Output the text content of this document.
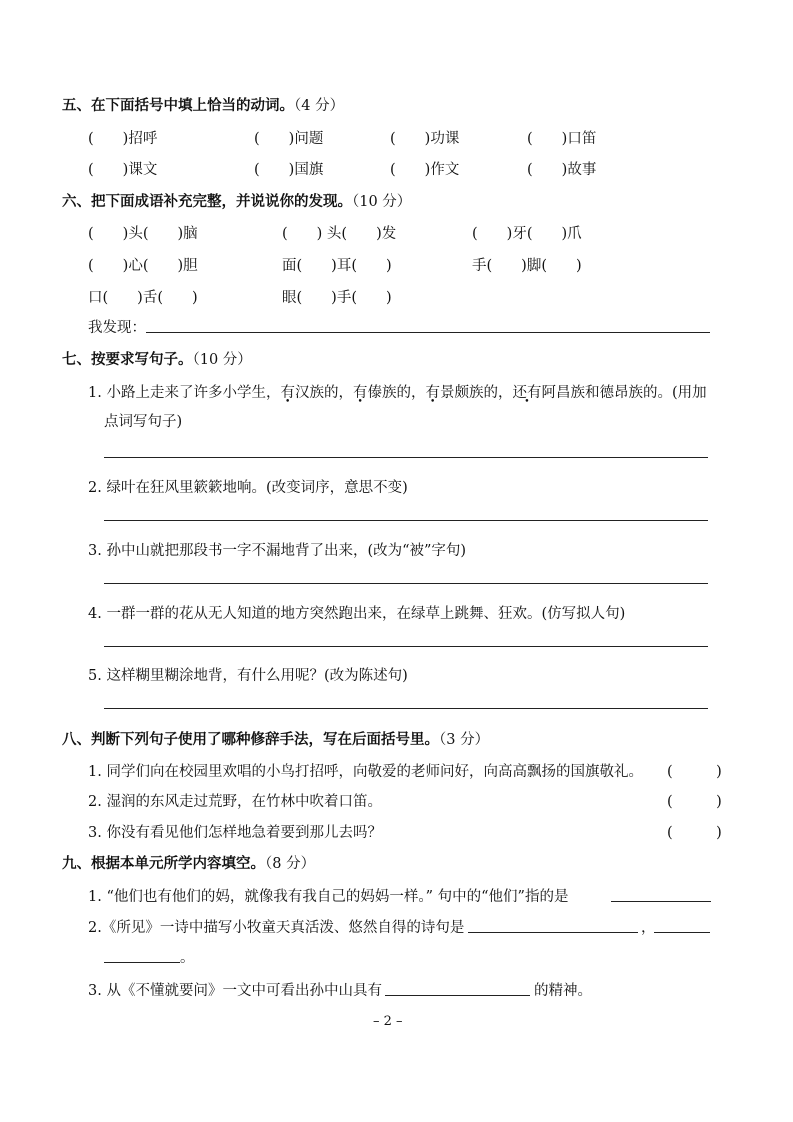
五、在下面括号中填上恰当的动词。（4 分）
(　　)招呼	(　　)问题	(　　)功课	(　　)口笛
(　　)课文	(　　)国旗	(　　)作文	(　　)故事
六、把下面成语补充完整，并说说你的发现。（10 分）
(　　)头(　　)脑	(　　) 头(　　)发	(　　)牙(　　)爪
(　　)心(　　)胆	面(　　)耳(　　)	手(　　)脚(　　)
口(　　)舌(　　)	眼(　　)手(　　)
我发现：
七、按要求写句子。（10 分）
1. 小路上走来了许多小学生，有汉族的，有傣族的，有景颇族的，还有阿昌族和德昂族的。(用加
点词写句子)
2. 绿叶在狂风里簌簌地响。(改变词序，意思不变)
3. 孙中山就把那段书一字不漏地背了出来，(改为“被”字句)
4. 一群一群的花从无人知道的地方突然跑出来，在绿草上跳舞、狂欢。(仿写拟人句)
5. 这样糊里糊涂地背，有什么用呢？(改为陈述句)
八、判断下列句子使用了哪种修辞手法，写在后面括号里。（3 分）
1. 同学们向在校园里欢唱的小鸟打招呼，向敬爱的老师问好，向高高飘扬的国旗敬礼。 (　　　)
2. 湿润的东风走过荒野，在竹林中吹着口笛。	(　　　)
3. 你没有看见他们怎样地急着要到那儿去吗？	(　　　)
九、根据本单元所学内容填空。（8 分）
1. “他们也有他们的妈，就像我有我自己的妈妈一样。” 句中的“他们”指的是
2.《所见》一诗中描写小牧童天真活泼、悠然自得的诗句是	，
。
3. 从《不懂就要问》一文中可看出孙中山具有	的精神。
– 2 –
